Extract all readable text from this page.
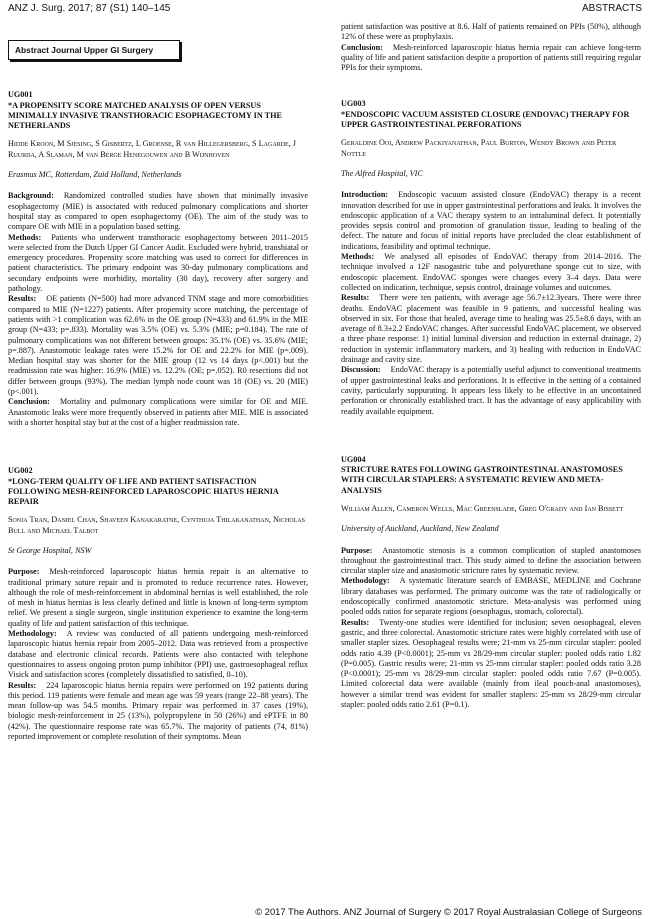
ANZ J. Surg. 2017; 87 (S1) 140–145	ABSTRACTS
Abstract Journal Upper GI Surgery

UG001

*A PROPENSITY SCORE MATCHED ANALYSIS OF OPEN VERSUS MINIMALLY INVASIVE TRANSTHORACIC ESOPHAGECTOMY IN THE NETHERLANDS

Hidde Kroon, M Sjesing, S Gisbertz, L Groense, R van Hillegersberg, S Lagarde, J Ruurda, A Slaman, M van Berge Henegouwen and B Wijnhoven

Erasmus MC, Rotterdam, Zuid Holland, Netherlands

Background: Randomized controlled studies have shown that minimally invasive esophagectomy (MIE) is associated with reduced pulmonary complications and shorter hospital stay as compared to open esophagectomy (OE). The aim of the study was to compare OE with MIE in a population based setting.

Methods: Patients who underwent transthoracic esophagectomy between 2011–2015 were selected from the Dutch Upper GI Cancer Audit. Excluded were hybrid, transhiatal or emergency procedures. Propensity score matching was used to correct for differences in patient characteristics. The primary endpoint was 30-day pulmonary complications and secondary endpoints were morbidity, mortality (30 day), recovery after surgery and pathology.

Results: OE patients (N=500) had more advanced TNM stage and more comorbidities compared to MIE (N=1227) patients. After propensity score matching, the percentage of patients with >1 complication was 62.6% in the OE group (N=433) and 61.9% in the MIE group (N=433; p=.833). Mortality was 3.5% (OE) vs. 5.3% (MIE; p=0.184). The rate of pulmonary complications was not different between groups: 35.1% (OE) vs. 35.6% (MIE; p=.887). Anastomotic leakage rates were 15.2% for OE and 22.2% for MIE (p=.009). Median hospital stay was shorter for the MIE group (12 vs 14 days (p<.001) but the readmission rate was higher: 16.9% (MIE) vs. 12.2% (OE; p=.052). R0 resections did not differ between groups (93%). The median lymph node count was 18 (OE) vs. 20 (MIE) (p<.001).

Conclusion: Mortality and pulmonary complications were similar for OE and MIE. Anastomotic leaks were more frequently observed in patients after MIE. MIE is associated with a shorter hospital stay but at the cost of a higher readmission rate.

UG002

*LONG-TERM QUALITY OF LIFE AND PATIENT SATISFACTION FOLLOWING MESH-REINFORCED LAPAROSCOPIC HIATUS HERNIA REPAIR

Sonia Tran, Daniel Chan, Shaveen Kanakaratne, Cynthuja Thilakanathan, Nicholas Bull and Michael Talbot

St George Hospital, NSW

Purpose: Mesh-reinforced laparoscopic hiatus hernia repair is an alternative to traditional primary suture repair and is promoted to reduce recurrence rates. However, although the role of mesh-reinforcement in abdominal hernias is well established, the role of mesh in hiatus hernias is less clearly defined and little is known of long-term symptom relief. We present a single surgeon, single institution experience to examine the long-term quality of life and patient satisfaction of this technique.

Methodology: A review was conducted of all patients undergoing mesh-reinforced laparoscopic hiatus hernia repair from 2005–2012. Data was retrieved from a prospective database and electronic clinical records. Patients were also contacted with telephone questionnaires to assess ongoing proton pump inhibitor (PPI) use, gastroesophageal reflux Visick and satisfaction scores (completely dissatisfied to satisfied, 0–10).

Results: 224 laparoscopic hiatus hernia repairs were performed on 192 patients during this period. 119 patients were female and mean age was 59 years (range 22–88 years). The mean follow-up was 54.5 months. Primary repair was performed in 37 cases (19%), biologic mesh-reinforcement in 25 (13%), polypropylene in 50 (26%) and ePTFE in 80 (42%). The questionnaire response rate was 65.7%. The majority of patients (74, 81%) reported improvement or complete resolution of their symptoms. Mean

patient satisfaction was positive at 8.6. Half of patients remained on PPIs (50%), although 12% of these were as prophylaxis.

Conclusion: Mesh-reinforced laparoscopic hiatus hernia repair can achieve long-term quality of life and patient satisfaction despite a proportion of patients still requiring regular PPIs for their symptoms.

UG003

*ENDOSCOPIC VACUUM ASSISTED CLOSURE (ENDOVAC) THERAPY FOR UPPER GASTROINTESTINAL PERFORATIONS

Geraldine Ooi, Andrew Packiyanathan, Paul Burton, Wendy Brown and Peter Nottle

The Alfred Hospital, VIC

Introduction: Endoscopic vacuum assisted closure (EndoVAC) therapy is a recent innovation described for use in upper gastrointestinal perforations and leaks. It involves the endoscopic application of a VAC therapy system to an intraluminal defect. It potentially provides sepsis control and promotion of granulation tissue, leading to healing of the defect. The nature and focus of initial reports have precluded the clear establishment of indications, feasibility and optimal technique.

Methods: We analysed all episodes of EndoVAC therapy from 2014–2016. The technique involved a 12F nasogastric tube and polyurethane sponge cut to size, with endoscopic placement. EndoVAC sponges were changes every 3–4 days. Data were collected on indication, technique, sepsis control, drainage volumes and outcomes.

Results: There were ten patients, with average age 56.7±12.3years. There were three deaths. EndoVAC placement was feasible in 9 patients, and successful healing was observed in six. For those that healed, average time to healing was 25.5±8.6 days, with an average of 8.3±2.2 EndoVAC changes. After successful EndoVAC placement, we observed a three phase response: 1) initial luminal diversion and reduction in external drainage, 2) reduction in systemic inflammatory markers, and 3) healing with reduction in EndoVAC drainage and cavity size.

Discussion: EndoVAC therapy is a potentially useful adjunct to conventional treatments of upper gastrointestinal leaks and perforations. It is effective in the setting of a contained cavity, particularly suppurating. It appears less likely to be effective in an uncontained perforation or chronically established tract. It has the advantage of easy applicability with readily available equipment.

UG004

STRICTURE RATES FOLLOWING GASTROINTESTINAL ANASTOMOSES WITH CIRCULAR STAPLERS: A SYSTEMATIC REVIEW AND META-ANALYSIS

William Allen, Cameron Wells, Mac Greenslade, Greg O'grady and Ian Bissett

University of Auckland, Auckland, New Zealand

Purpose: Anastomotic stenosis is a common complication of stapled anastomoses throughout the gastrointestinal tract. This study aimed to define the association between circular stapler size and anastomotic stricture rates by systematic review.

Methodology: A systematic literature search of EMBASE, MEDLINE and Cochrane library databases was performed. The primary outcome was the rate of radiologically or endoscopically confirmed anastomotic stricture. Meta-analysis was performed using pooled odds ratios for separate regions (oesophagus, stomach, colorectal).

Results: Twenty-one studies were identified for inclusion; seven oesophageal, eleven gastric, and three colorectal. Anastomotic stricture rates were highly correlated with use of smaller stapler sizes. Oesophageal results were; 21-mm vs 25-mm circular stapler: pooled odds ratio 4.39 (P<0.0001); 25-mm vs 28/29-mm circular stapler: pooled odds ratio 1.82 (P=0.005). Gastric results were; 21-mm vs 25-mm circular stapler: pooled odds ratio 3.28 (P<0.0001); 25-mm vs 28/29-mm circular stapler: pooled odds ratio 7.67 (P=0.005). Limited colorectal data were available (mainly from ileal pouch-anal anastomoses), however a similar trend was evident for smaller staplers: 25-mm vs 28/29-mm circular stapler: pooled odds ratio 2.61 (P=0.1).

© 2017 The Authors. ANZ Journal of Surgery © 2017 Royal Australasian College of Surgeons
